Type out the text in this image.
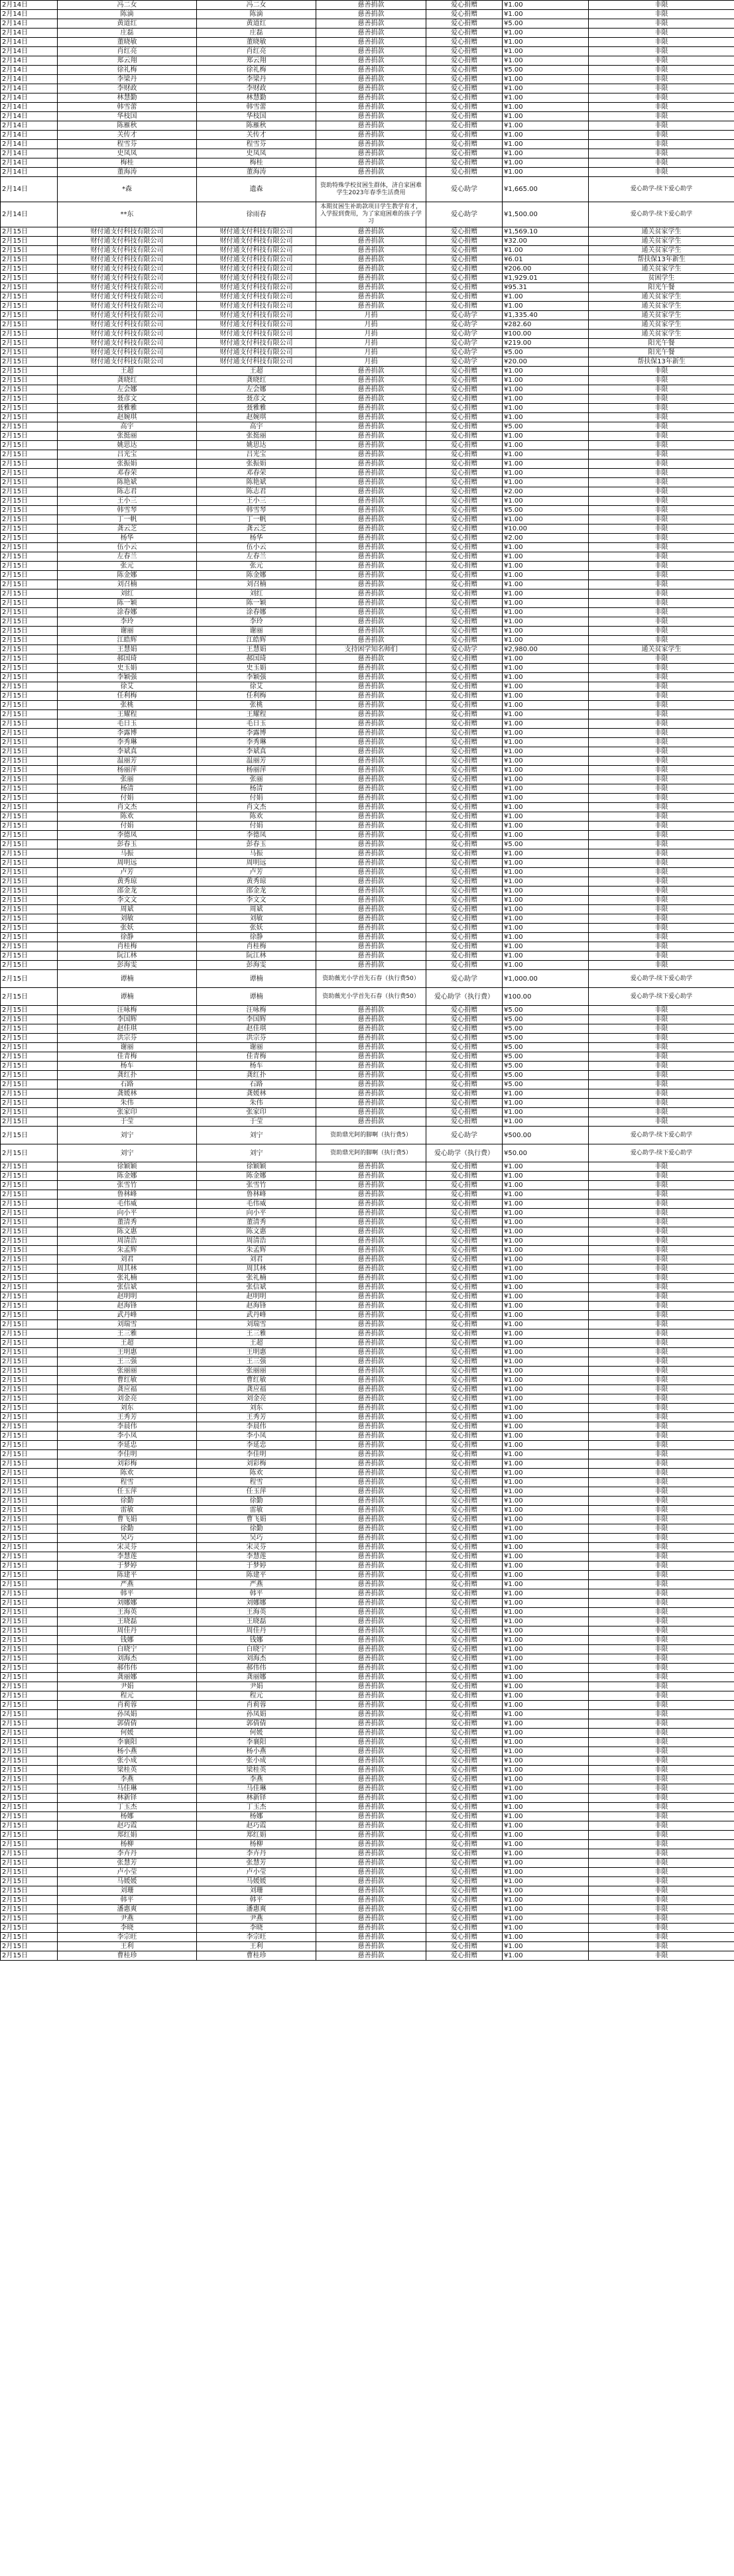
2月14日	冯二女	冯二女	慈善捐款	爱心捐赠	¥1.00	非限
2月14日	陈滴	陈滴	慈善捐款	爱心捐赠	¥1.00	非限
2月14日	黄道红	黄道红	慈善捐款	爱心捐赠	¥5.00	非限
2月14日	庄磊	庄磊	慈善捐款	爱心捐赠	¥1.00	非限
2月14日	董晓敏	董晓敏	慈善捐款	爱心捐赠	¥1.00	非限
2月14日	肖红亮	肖红亮	慈善捐款	爱心捐赠	¥1.00	非限
2月14日	郑云翔	郑云翔	慈善捐款	爱心捐赠	¥1.00	非限
2月14日	徐礼梅	徐礼梅	慈善捐款	爱心捐赠	¥5.00	非限
2月14日	李梁丹	李梁丹	慈善捐款	爱心捐赠	¥1.00	非限
2月14日	李财政	李财政	慈善捐款	爱心捐赠	¥1.00	非限
2月14日	林慧勤	林慧勤	慈善捐款	爱心捐赠	¥1.00	非限
2月14日	韩雪蕾	韩雪蕾	慈善捐款	爱心捐赠	¥1.00	非限
2月14日	华枝国	华枝国	慈善捐款	爱心捐赠	¥1.00	非限
2月14日	陈雁秋	陈雁秋	慈善捐款	爱心捐赠	¥1.00	非限
2月14日	关传才	关传才	慈善捐款	爱心捐赠	¥1.00	非限
2月14日	程雪芬	程雪芬	慈善捐款	爱心捐赠	¥1.00	非限
2月14日	史凤凤	史凤凤	慈善捐款	爱心捐赠	¥1.00	非限
2月14日	梅桂	梅桂	慈善捐款	爱心捐赠	¥1.00	非限
2月14日	董海涛	董海涛	慈善捐款	爱心捐赠	¥1.00	非限
2月14日	*森	遗森	资助特殊学校贫困生群体，济自家困难学生2023年春季生活费用	爱心助学	¥1,665.00	爱心助学-续下爱心助学
2月14日	**东	徐雨春	本期贫困生补助款项目学生教学育才，入学报到费用，为了家庭困难的孩子学习	爱心助学	¥1,500.00	爱心助学-续下爱心助学
2月15日	财付通支付科技有限公司	财付通支付科技有限公司	慈善捐款	爱心捐赠	¥1,569.10	通关贫家学生
2月15日	财付通支付科技有限公司	财付通支付科技有限公司	慈善捐款	爱心捐赠	¥32.00	通关贫家学生
2月15日	财付通支付科技有限公司	财付通支付科技有限公司	慈善捐款	爱心捐赠	¥1.00	通关贫家学生
2月15日	财付通支付科技有限公司	财付通支付科技有限公司	慈善捐款	爱心捐赠	¥6.01	帮扶保13年新生
2月15日	财付通支付科技有限公司	财付通支付科技有限公司	慈善捐款	爱心捐赠	¥206.00	通关贫家学生
2月15日	财付通支付科技有限公司	财付通支付科技有限公司	慈善捐款	爱心捐赠	¥1,929.01	贫困学生
2月15日	财付通支付科技有限公司	财付通支付科技有限公司	慈善捐款	爱心捐赠	¥95.31	阳光午餐
2月15日	财付通支付科技有限公司	财付通支付科技有限公司	慈善捐款	爱心捐赠	¥1.00	通关贫家学生
2月15日	财付通支付科技有限公司	财付通支付科技有限公司	慈善捐款	爱心捐赠	¥1.00	通关贫家学生
2月15日	财付通支付科技有限公司	财付通支付科技有限公司	月捐	爱心助学	¥1,335.40	通关贫家学生
2月15日	财付通支付科技有限公司	财付通支付科技有限公司	月捐	爱心助学	¥282.60	通关贫家学生
2月15日	财付通支付科技有限公司	财付通支付科技有限公司	月捐	爱心助学	¥100.00	通关贫家学生
2月15日	财付通支付科技有限公司	财付通支付科技有限公司	月捐	爱心助学	¥219.00	阳光午餐
2月15日	财付通支付科技有限公司	财付通支付科技有限公司	月捐	爱心助学	¥5.00	阳光午餐
2月15日	财付通支付科技有限公司	财付通支付科技有限公司	月捐	爱心助学	¥20.00	帮扶保13年新生
2月15日	王超	王超	慈善捐款	爱心捐赠	¥1.00	非限
2月15日	龚晓红	龚晓红	慈善捐款	爱心捐赠	¥1.00	非限
2月15日	左会娜	左会娜	慈善捐款	爱心捐赠	¥1.00	非限
2月15日	聂彦文	聂彦文	慈善捐款	爱心捐赠	¥1.00	非限
2月15日	聂雅雅	聂雅雅	慈善捐款	爱心捐赠	¥1.00	非限
2月15日	赵婉琪	赵婉琪	慈善捐款	爱心捐赠	¥1.00	非限
2月15日	高宇	高宇	慈善捐款	爱心捐赠	¥5.00	非限
2月15日	张挺丽	张挺丽	慈善捐款	爱心捐赠	¥1.00	非限
2月15日	姚思达	姚思达	慈善捐款	爱心捐赠	¥1.00	非限
2月15日	吕光宝	吕光宝	慈善捐款	爱心捐赠	¥1.00	非限
2月15日	张振娟	张振娟	慈善捐款	爱心捐赠	¥1.00	非限
2月15日	邓春荣	邓春荣	慈善捐款	爱心捐赠	¥1.00	非限
2月15日	陈艳斌	陈艳斌	慈善捐款	爱心捐赠	¥1.00	非限
2月15日	陈志君	陈志君	慈善捐款	爱心捐赠	¥2.00	非限
2月15日	王小三	王小三	慈善捐款	爱心捐赠	¥1.00	非限
2月15日	韩雪琴	韩雪琴	慈善捐款	爱心捐赠	¥5.00	非限
2月15日	丁一帆	丁一帆	慈善捐款	爱心捐赠	¥1.00	非限
2月15日	龚云芝	龚云芝	慈善捐款	爱心捐赠	¥10.00	非限
2月15日	杨华	杨华	慈善捐款	爱心捐赠	¥2.00	非限
2月15日	伍小云	伍小云	慈善捐款	爱心捐赠	¥1.00	非限
2月15日	左春兰	左春兰	慈善捐款	爱心捐赠	¥1.00	非限
2月15日	张元	张元	慈善捐款	爱心捐赠	¥1.00	非限
2月15日	陈金娜	陈金娜	慈善捐款	爱心捐赠	¥1.00	非限
2月15日	刘召楠	刘召楠	慈善捐款	爱心捐赠	¥1.00	非限
2月15日	刘红	刘红	慈善捐款	爱心捐赠	¥1.00	非限
2月15日	陈一颖	陈一颖	慈善捐款	爱心捐赠	¥1.00	非限
2月15日	涂春娜	涂春娜	慈善捐款	爱心捐赠	¥1.00	非限
2月15日	李玲	李玲	慈善捐款	爱心捐赠	¥1.00	非限
2月15日	谢丽	谢丽	慈善捐款	爱心捐赠	¥1.00	非限
2月15日	江皓辉	江皓辉	慈善捐款	爱心捐赠	¥1.00	非限
2月15日	王慧娟	王慧娟	支持困学知名师们	爱心助学	¥2,980.00	通关贫家学生
2月15日	郝国琦	郝国琦	慈善捐款	爱心捐赠	¥1.00	非限
2月15日	史玉娟	史玉娟	慈善捐款	爱心捐赠	¥1.00	非限
2月15日	李颖强	李颖强	慈善捐款	爱心捐赠	¥1.00	非限
2月15日	徐艾	徐艾	慈善捐款	爱心捐赠	¥1.00	非限
2月15日	任利梅	任利梅	慈善捐款	爱心捐赠	¥1.00	非限
2月15日	张桃	张桃	慈善捐款	爱心捐赠	¥1.00	非限
2月15日	王耀程	王耀程	慈善捐款	爱心捐赠	¥1.00	非限
2月15日	毛日玉	毛日玉	慈善捐款	爱心捐赠	¥1.00	非限
2月15日	李露博	李露博	慈善捐款	爱心捐赠	¥1.00	非限
2月15日	李秀琳	李秀琳	慈善捐款	爱心捐赠	¥1.00	非限
2月15日	李斌真	李斌真	慈善捐款	爱心捐赠	¥1.00	非限
2月15日	温丽芳	温丽芳	慈善捐款	爱心捐赠	¥1.00	非限
2月15日	杨丽萍	杨丽萍	慈善捐款	爱心捐赠	¥1.00	非限
2月15日	张丽	张丽	慈善捐款	爱心捐赠	¥1.00	非限
2月15日	杨清	杨清	慈善捐款	爱心捐赠	¥1.00	非限
2月15日	付娟	付娟	慈善捐款	爱心捐赠	¥1.00	非限
2月15日	肖文杰	肖文杰	慈善捐款	爱心捐赠	¥1.00	非限
2月15日	陈欢	陈欢	慈善捐款	爱心捐赠	¥1.00	非限
2月15日	付娟	付娟	慈善捐款	爱心捐赠	¥1.00	非限
2月15日	李德凤	李德凤	慈善捐款	爱心捐赠	¥1.00	非限
2月15日	彭春玉	彭春玉	慈善捐款	爱心捐赠	¥5.00	非限
2月15日	马振	马振	慈善捐款	爱心捐赠	¥1.00	非限
2月15日	周明远	周明远	慈善捐款	爱心捐赠	¥1.00	非限
2月15日	卢芳	卢芳	慈善捐款	爱心捐赠	¥1.00	非限
2月15日	黄秀琼	黄秀琼	慈善捐款	爱心捐赠	¥1.00	非限
2月15日	邵金龙	邵金龙	慈善捐款	爱心捐赠	¥1.00	非限
2月15日	李文文	李文文	慈善捐款	爱心捐赠	¥1.00	非限
2月15日	周斌	周斌	慈善捐款	爱心捐赠	¥1.00	非限
2月15日	刘敏	刘敏	慈善捐款	爱心捐赠	¥1.00	非限
2月15日	张妖	张妖	慈善捐款	爱心捐赠	¥1.00	非限
2月15日	徐静	徐静	慈善捐款	爱心捐赠	¥1.00	非限
2月15日	肖桂梅	肖桂梅	慈善捐款	爱心捐赠	¥1.00	非限
2月15日	阮江林	阮江林	慈善捐款	爱心捐赠	¥1.00	非限
2月15日	彭海雯	彭海雯	慈善捐款	爱心捐赠	¥1.00	非限
2月15日	谭楠	谭楠	资助薇光小学首先石春（执行费50）	爱心助学	¥1,000.00	爱心助学-续下爱心助学
2月15日	谭楠	谭楠	资助薇光小学首先石春（执行费50）	爱心助学（执行费）	¥100.00	爱心助学-续下爱心助学
2月15日	汪咏梅	汪咏梅	慈善捐款	爱心捐赠	¥5.00	非限
2月15日	李国辉	李国辉	慈善捐款	爱心捐赠	¥5.00	非限
2月15日	赵佳琪	赵佳琪	慈善捐款	爱心捐赠	¥5.00	非限
2月15日	洪宗芬	洪宗芬	慈善捐款	爱心捐赠	¥5.00	非限
2月15日	谢丽	谢丽	慈善捐款	爱心捐赠	¥5.00	非限
2月15日	佳青梅	佳青梅	慈善捐款	爱心捐赠	¥5.00	非限
2月15日	杨车	杨车	慈善捐款	爱心捐赠	¥5.00	非限
2月15日	龚红扑	龚红扑	慈善捐款	爱心捐赠	¥5.00	非限
2月15日	石路	石路	慈善捐款	爱心捐赠	¥5.00	非限
2月15日	龚媛林	龚媛林	慈善捐款	爱心捐赠	¥1.00	非限
2月15日	朱伟	朱伟	慈善捐款	爱心捐赠	¥1.00	非限
2月15日	张家印	张家印	慈善捐款	爱心捐赠	¥1.00	非限
2月15日	于莹	于莹	慈善捐款	爱心捐赠	¥1.00	非限
2月15日	刘宁	刘宁	资助鼎光阿的脚啊（执行费5）	爱心助学	¥500.00	爱心助学-续下爱心助学
2月15日	刘宁	刘宁	资助鼎光阿的脚啊（执行费5）	爱心助学（执行费）	¥50.00	爱心助学-续下爱心助学
2月15日	徐颖颖	徐颖颖	慈善捐款	爱心捐赠	¥1.00	非限
2月15日	陈金娜	陈金娜	慈善捐款	爱心捐赠	¥1.00	非限
2月15日	张雪竹	张雪竹	慈善捐款	爱心捐赠	¥1.00	非限
2月15日	鲁林峰	鲁林峰	慈善捐款	爱心捐赠	¥1.00	非限
2月15日	毛伟威	毛伟威	慈善捐款	爱心捐赠	¥1.00	非限
2月15日	向小平	向小平	慈善捐款	爱心捐赠	¥1.00	非限
2月15日	董清秀	董清秀	慈善捐款	爱心捐赠	¥1.00	非限
2月15日	陈文惠	陈文惠	慈善捐款	爱心捐赠	¥1.00	非限
2月15日	周清浩	周清浩	慈善捐款	爱心捐赠	¥1.00	非限
2月15日	朱孟辉	朱孟辉	慈善捐款	爱心捐赠	¥1.00	非限
2月15日	刘君	刘君	慈善捐款	爱心捐赠	¥1.00	非限
2月15日	周其林	周其林	慈善捐款	爱心捐赠	¥1.00	非限
2月15日	张礼楠	张礼楠	慈善捐款	爱心捐赠	¥1.00	非限
2月15日	张信斌	张信斌	慈善捐款	爱心捐赠	¥1.00	非限
2月15日	赵明明	赵明明	慈善捐款	爱心捐赠	¥1.00	非限
2月15日	赵海锋	赵海锋	慈善捐款	爱心捐赠	¥1.00	非限
2月15日	武丹峰	武丹峰	慈善捐款	爱心捐赠	¥1.00	非限
2月15日	刘瑞雪	刘瑞雪	慈善捐款	爱心捐赠	¥1.00	非限
2月15日	王三雅	王三雅	慈善捐款	爱心捐赠	¥1.00	非限
2月15日	王超	王超	慈善捐款	爱心捐赠	¥1.00	非限
2月15日	王明惠	王明惠	慈善捐款	爱心捐赠	¥1.00	非限
2月15日	王三强	王三强	慈善捐款	爱心捐赠	¥1.00	非限
2月15日	张丽丽	张丽丽	慈善捐款	爱心捐赠	¥1.00	非限
2月15日	曹红敏	曹红敏	慈善捐款	爱心捐赠	¥1.00	非限
2月15日	龚应福	龚应福	慈善捐款	爱心捐赠	¥1.00	非限
2月15日	刘金亮	刘金亮	慈善捐款	爱心捐赠	¥1.00	非限
2月15日	刘东	刘东	慈善捐款	爱心捐赠	¥1.00	非限
2月15日	王秀芳	王秀芳	慈善捐款	爱心捐赠	¥1.00	非限
2月15日	李晨伟	李晨伟	慈善捐款	爱心捐赠	¥1.00	非限
2月15日	李小凤	李小凤	慈善捐款	爱心捐赠	¥1.00	非限
2月15日	李延忠	李延忠	慈善捐款	爱心捐赠	¥1.00	非限
2月15日	李佳明	李佳明	慈善捐款	爱心捐赠	¥1.00	非限
2月15日	刘彩梅	刘彩梅	慈善捐款	爱心捐赠	¥1.00	非限
2月15日	陈欢	陈欢	慈善捐款	爱心捐赠	¥1.00	非限
2月15日	程雪	程雪	慈善捐款	爱心捐赠	¥1.00	非限
2月15日	任玉萍	任玉萍	慈善捐款	爱心捐赠	¥1.00	非限
2月15日	徐勤	徐勤	慈善捐款	爱心捐赠	¥1.00	非限
2月15日	雷敏	雷敏	慈善捐款	爱心捐赠	¥1.00	非限
2月15日	曹飞娟	曹飞娟	慈善捐款	爱心捐赠	¥1.00	非限
2月15日	徐勤	徐勤	慈善捐款	爱心捐赠	¥1.00	非限
2月15日	吴巧	吴巧	慈善捐款	爱心捐赠	¥1.00	非限
2月15日	宋灵芬	宋灵芬	慈善捐款	爱心捐赠	¥1.00	非限
2月15日	李慧莲	李慧莲	慈善捐款	爱心捐赠	¥1.00	非限
2月15日	于梦婷	于梦婷	慈善捐款	爱心捐赠	¥1.00	非限
2月15日	陈建平	陈建平	慈善捐款	爱心捐赠	¥1.00	非限
2月15日	严燕	严燕	慈善捐款	爱心捐赠	¥1.00	非限
2月15日	韩平	韩平	慈善捐款	爱心捐赠	¥1.00	非限
2月15日	刘娜娜	刘娜娜	慈善捐款	爱心捐赠	¥1.00	非限
2月15日	王海英	王海英	慈善捐款	爱心捐赠	¥1.00	非限
2月15日	王晓磊	王晓磊	慈善捐款	爱心捐赠	¥1.00	非限
2月15日	周佳丹	周佳丹	慈善捐款	爱心捐赠	¥1.00	非限
2月15日	钱娜	钱娜	慈善捐款	爱心捐赠	¥1.00	非限
2月15日	白晓宁	白晓宁	慈善捐款	爱心捐赠	¥1.00	非限
2月15日	刘海杰	刘海杰	慈善捐款	爱心捐赠	¥1.00	非限
2月15日	郝伟伟	郝伟伟	慈善捐款	爱心捐赠	¥1.00	非限
2月15日	龚丽娜	龚丽娜	慈善捐款	爱心捐赠	¥1.00	非限
2月15日	尹娟	尹娟	慈善捐款	爱心捐赠	¥1.00	非限
2月15日	程元	程元	慈善捐款	爱心捐赠	¥1.00	非限
2月15日	肖莉蓉	肖莉蓉	慈善捐款	爱心捐赠	¥1.00	非限
2月15日	孙凤娟	孙凤娟	慈善捐款	爱心捐赠	¥1.00	非限
2月15日	郭倩倩	郭倩倩	慈善捐款	爱心捐赠	¥1.00	非限
2月15日	何媛	何媛	慈善捐款	爱心捐赠	¥1.00	非限
2月15日	李襄阳	李襄阳	慈善捐款	爱心捐赠	¥1.00	非限
2月15日	杨小燕	杨小燕	慈善捐款	爱心捐赠	¥1.00	非限
2月15日	张小成	张小成	慈善捐款	爱心捐赠	¥1.00	非限
2月15日	梁桂英	梁桂英	慈善捐款	爱心捐赠	¥1.00	非限
2月15日	李燕	李燕	慈善捐款	爱心捐赠	¥1.00	非限
2月15日	马佳琳	马佳琳	慈善捐款	爱心捐赠	¥1.00	非限
2月15日	林新铎	林新铎	慈善捐款	爱心捐赠	¥1.00	非限
2月15日	丁玉杰	丁玉杰	慈善捐款	爱心捐赠	¥1.00	非限
2月15日	杨娜	杨娜	慈善捐款	爱心捐赠	¥1.00	非限
2月15日	赵巧霞	赵巧霞	慈善捐款	爱心捐赠	¥1.00	非限
2月15日	郑红娟	郑红娟	慈善捐款	爱心捐赠	¥1.00	非限
2月15日	杨柳	杨柳	慈善捐款	爱心捐赠	¥1.00	非限
2月15日	李卉丹	李卉丹	慈善捐款	爱心捐赠	¥1.00	非限
2月15日	张慧芳	张慧芳	慈善捐款	爱心捐赠	¥1.00	非限
2月15日	卢小莹	卢小莹	慈善捐款	爱心捐赠	¥1.00	非限
2月15日	马媛媛	马媛媛	慈善捐款	爱心捐赠	¥1.00	非限
2月15日	刘珊	刘珊	慈善捐款	爱心捐赠	¥1.00	非限
2月15日	韩平	韩平	慈善捐款	爱心捐赠	¥1.00	非限
2月15日	潘惠爽	潘惠爽	慈善捐款	爱心捐赠	¥1.00	非限
2月15日	尹燕	尹燕	慈善捐款	爱心捐赠	¥1.00	非限
2月15日	李晓	李晓	慈善捐款	爱心捐赠	¥1.00	非限
2月15日	李宗旺	李宗旺	慈善捐款	爱心捐赠	¥1.00	非限
2月15日	王利	王利	慈善捐款	爱心捐赠	¥1.00	非限
2月15日	曹桂珍	曹桂珍	慈善捐款	爱心捐赠	¥1.00	非限
